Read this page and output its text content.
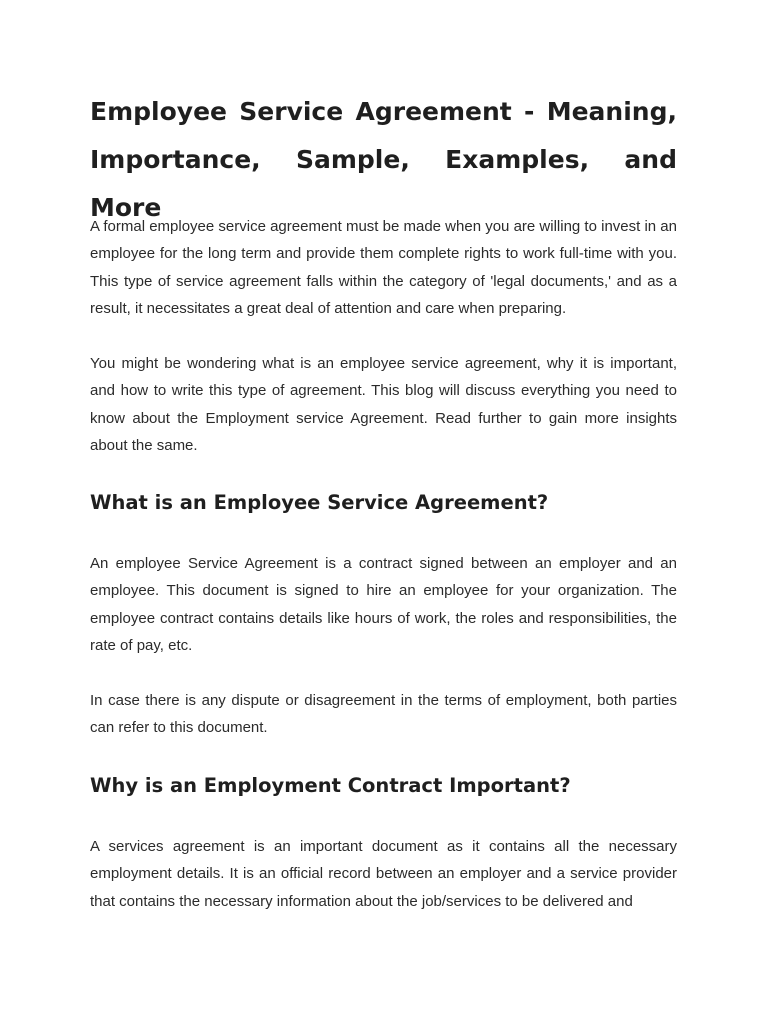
Employee Service Agreement - Meaning, Importance, Sample, Examples, and More

A formal employee service agreement must be made when you are willing to invest in an employee for the long term and provide them complete rights to work full-time with you. This type of service agreement falls within the category of 'legal documents,' and as a result, it necessitates a great deal of attention and care when preparing.

You might be wondering what is an employee service agreement, why it is important, and how to write this type of agreement. This blog will discuss everything you need to know about the Employment service Agreement. Read further to gain more insights about the same.

What is an Employee Service Agreement?

An employee Service Agreement is a contract signed between an employer and an employee. This document is signed to hire an employee for your organization. The employee contract contains details like hours of work, the roles and responsibilities, the rate of pay, etc.

In case there is any dispute or disagreement in the terms of employment, both parties can refer to this document.

Why is an Employment Contract Important?

A services agreement is an important document as it contains all the necessary employment details. It is an official record between an employer and a service provider that contains the necessary information about the job/services to be delivered and
